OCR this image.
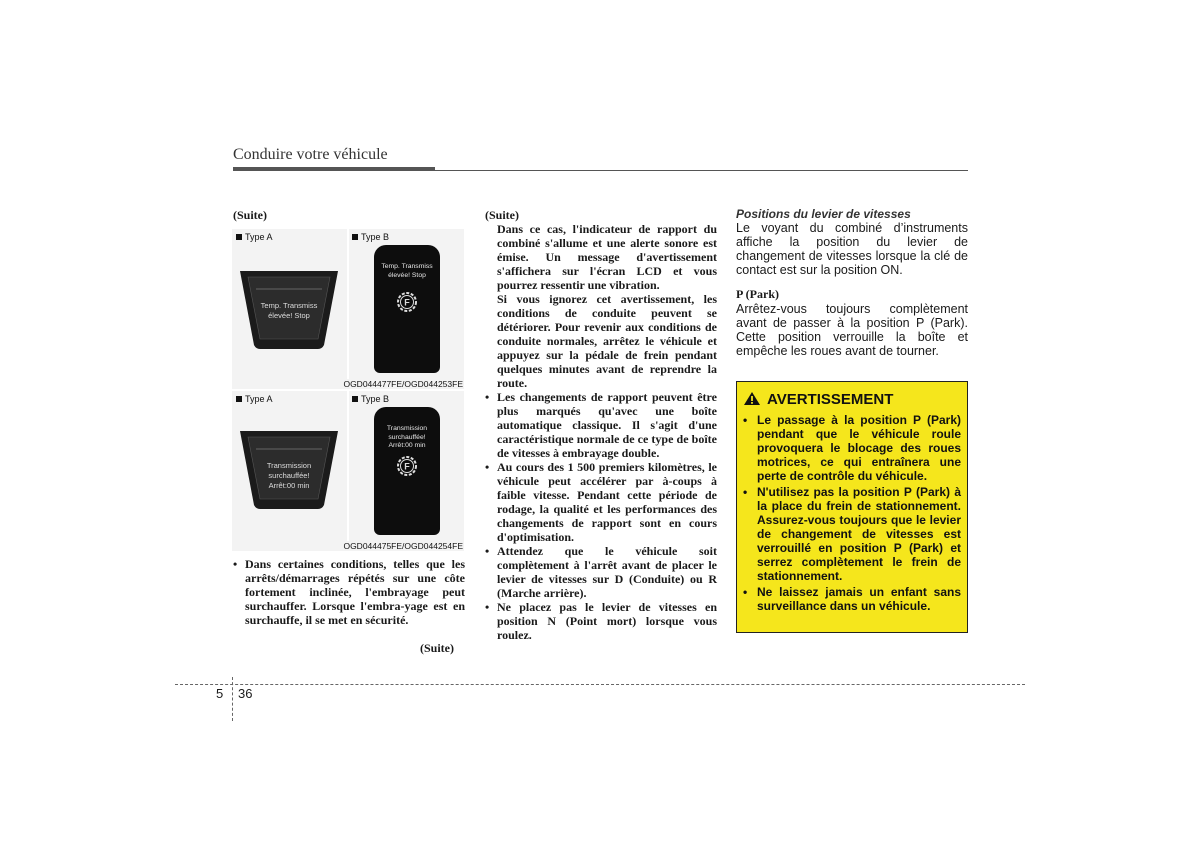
Conduire votre véhicule
(Suite)
Type A
Temp. Transmiss élevée! Stop
Type B
Temp. Transmiss élevée! Stop
F
OGD044477FE/OGD044253FE
Type A
Transmission
surchauffée!
Arrêt:00 min
Type B
Transmission
surchauffée!
Arrêt:00 min
F
OGD044475FE/OGD044254FE
• Dans certaines conditions, telles que les arrêts/démarrages répétés sur une côte fortement inclinée, l'embrayage peut surchauffer. Lorsque l'embra-yage est en surchauffe, il se met en sécurité.
(Suite)
(Suite)
Dans ce cas, l'indicateur de rapport du combiné s'allume et une alerte sonore est émise. Un message d'avertissement s'affichera sur l'écran LCD et vous pourrez ressentir une vibration.
Si vous ignorez cet avertissement, les conditions de conduite peuvent se détériorer. Pour revenir aux conditions de conduite normales, arrêtez le véhicule et appuyez sur la pédale de frein pendant quelques minutes avant de reprendre la route.
• Les changements de rapport peuvent être plus marqués qu'avec une boîte automatique classique. Il s'agit d'une caractéristique normale de ce type de boîte de vitesses à embrayage double.
• Au cours des 1 500 premiers kilomètres, le véhicule peut accélérer par à-coups à faible vitesse. Pendant cette période de rodage, la qualité et les performances des changements de rapport sont en cours d'optimisation.
• Attendez que le véhicule soit complètement à l'arrêt avant de placer le levier de vitesses sur D (Conduite) ou R (Marche arrière).
• Ne placez pas le levier de vitesses en position N (Point mort) lorsque vous roulez.
Positions du levier de vitesses
Le voyant du combiné d’instruments affiche la position du levier de changement de vitesses lorsque la clé de contact est sur la position ON.
P (Park)
Arrêtez-vous toujours complètement avant de passer à la position P (Park). Cette position verrouille la boîte et empêche les roues avant de tourner.
AVERTISSEMENT
• Le passage à la position P (Park) pendant que le véhicule roule provoquera le blocage des roues motrices, ce qui entraînera une perte de contrôle du véhicule.
• N'utilisez pas la position P (Park) à la place du frein de stationnement. Assurez-vous toujours que le levier de changement de vitesses est verrouillé en position P (Park) et serrez complètement le frein de stationnement.
• Ne laissez jamais un enfant sans surveillance dans un véhicule.
5 36
